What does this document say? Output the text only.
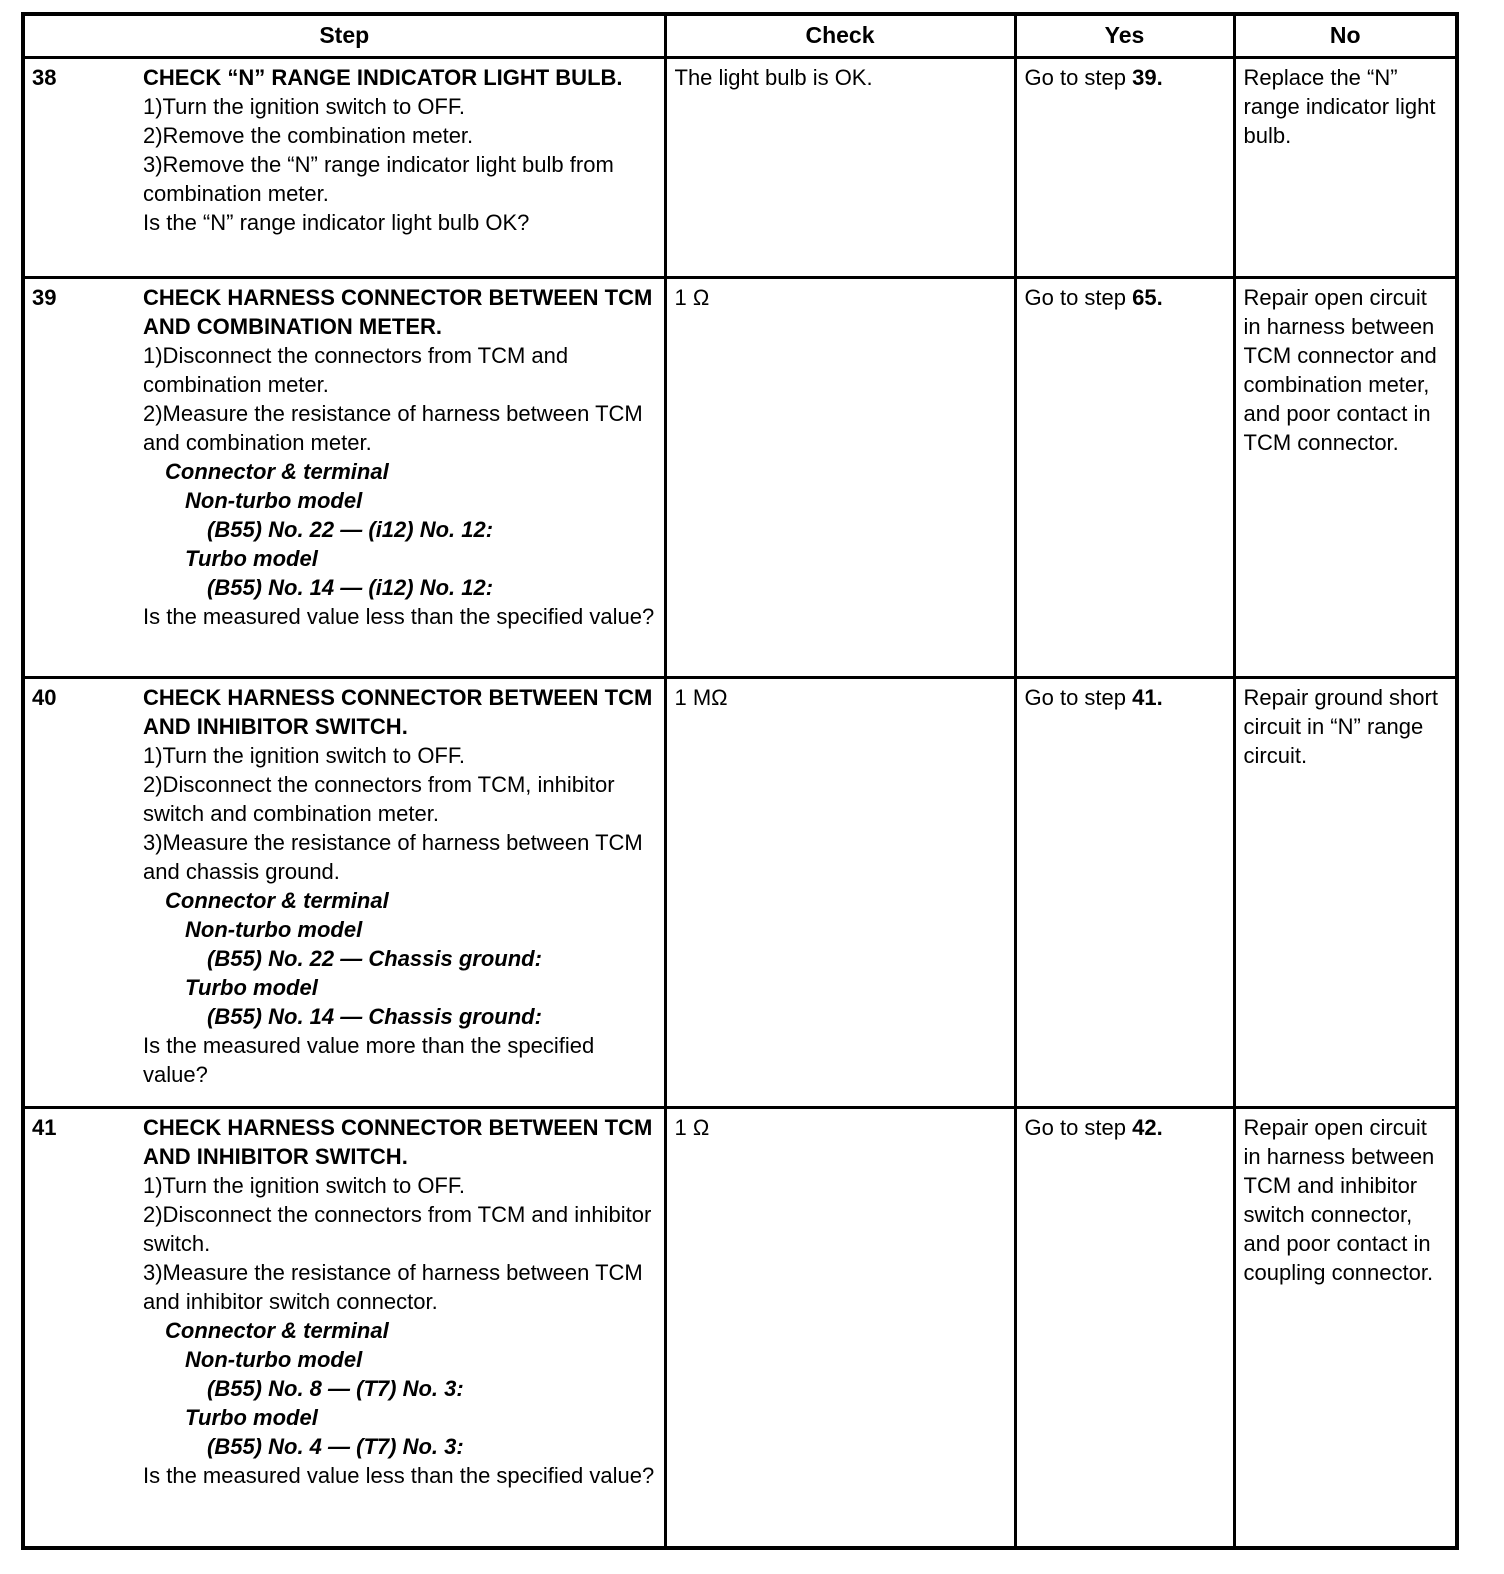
Step	Check	Yes	No

38	CHECK “N” RANGE INDICATOR LIGHT BULB.
1)Turn the ignition switch to OFF.
2)Remove the combination meter.
3)Remove the “N” range indicator light bulb from combination meter.
Is the “N” range indicator light bulb OK?
	The light bulb is OK.	Go to step 39.	Replace the “N” range indicator light bulb.

39	CHECK HARNESS CONNECTOR BETWEEN TCM AND COMBINATION METER.
1)Disconnect the connectors from TCM and combination meter.
2)Measure the resistance of harness between TCM and combination meter.
Connector & terminal
Non-turbo model
(B55) No. 22 — (i12) No. 12:
Turbo model
(B55) No. 14 — (i12) No. 12:
Is the measured value less than the specified value?
	1 Ω	Go to step 65.	Repair open circuit in harness between TCM connector and combination meter, and poor contact in TCM connector.

40	CHECK HARNESS CONNECTOR BETWEEN TCM AND INHIBITOR SWITCH.
1)Turn the ignition switch to OFF.
2)Disconnect the connectors from TCM, inhibitor switch and combination meter.
3)Measure the resistance of harness between TCM and chassis ground.
Connector & terminal
Non-turbo model
(B55) No. 22 — Chassis ground:
Turbo model
(B55) No. 14 — Chassis ground:
Is the measured value more than the specified value?
	1 MΩ	Go to step 41.	Repair ground short circuit in “N” range circuit.

41	CHECK HARNESS CONNECTOR BETWEEN TCM AND INHIBITOR SWITCH.
1)Turn the ignition switch to OFF.
2)Disconnect the connectors from TCM and inhibitor switch.
3)Measure the resistance of harness between TCM and inhibitor switch connector.
Connector & terminal
Non-turbo model
(B55) No. 8 — (T7) No. 3:
Turbo model
(B55) No. 4 — (T7) No. 3:
Is the measured value less than the specified value?
	1 Ω	Go to step 42.	Repair open circuit in harness between TCM and inhibitor switch connector, and poor contact in coupling connector.
